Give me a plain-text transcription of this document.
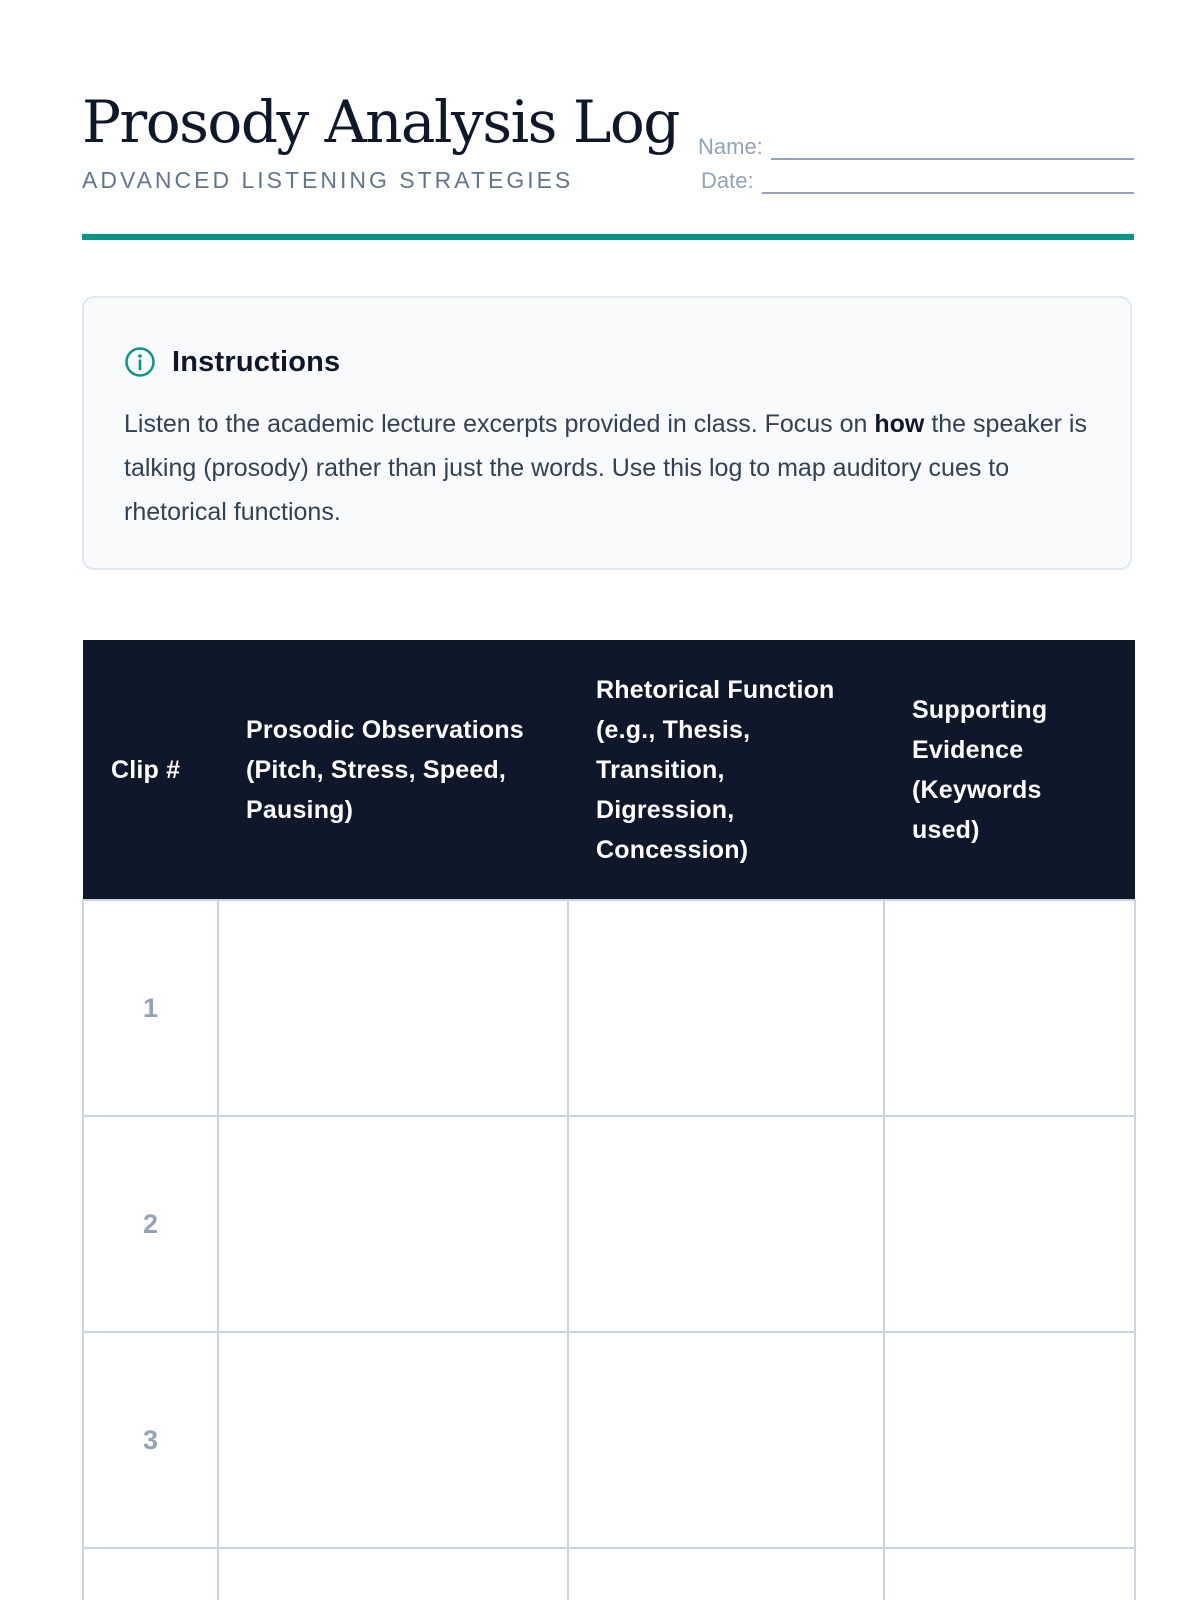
Prosody Analysis Log

ADVANCED LISTENING STRATEGIES

Name:
Date:
Instructions

Listen to the academic lecture excerpts provided in class. Focus on how the speaker is talking (prosody) rather than just the words. Use this log to map auditory cues to rhetorical functions.

Clip #	Prosodic Observations (Pitch, Stress, Speed, Pausing)	Rhetorical Function (e.g., Thesis, Transition, Digression, Concession)	Supporting Evidence (Keywords used)
1			
2			
3			
